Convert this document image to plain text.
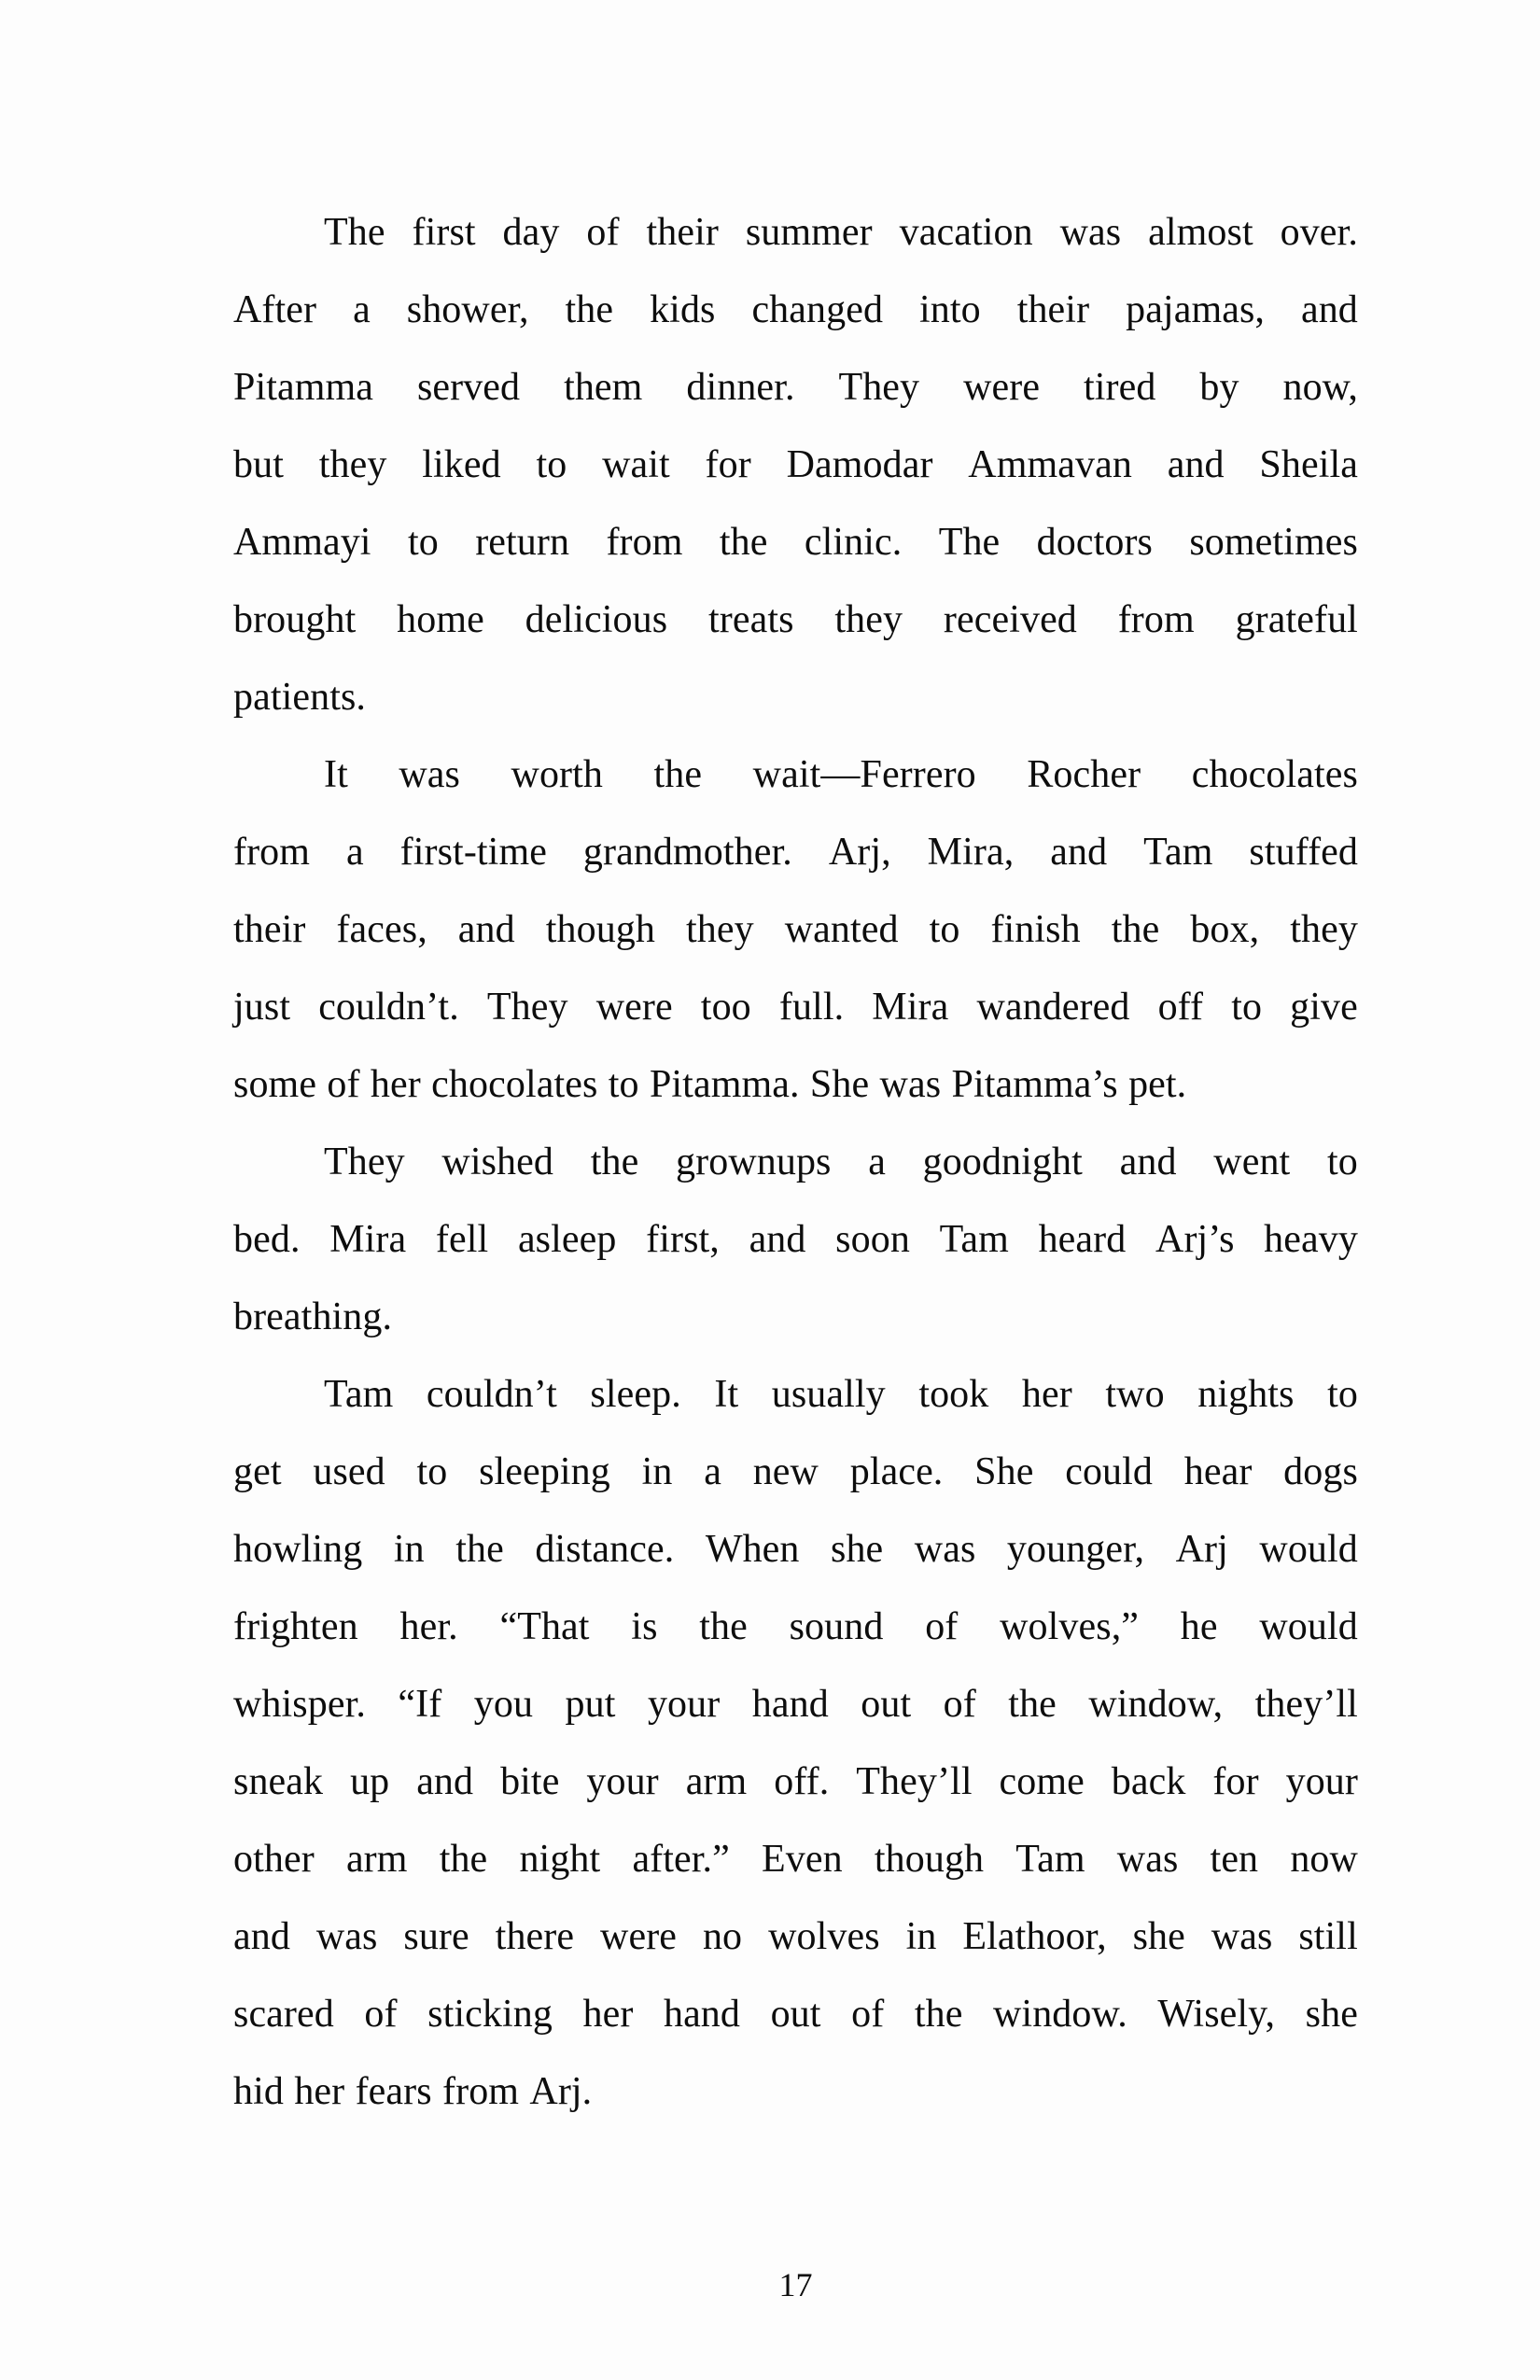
The first day of their summer vacation was almost over.
After a shower, the kids changed into their pajamas, and
Pitamma served them dinner. They were tired by now,
but they liked to wait for Damodar Ammavan and Sheila
Ammayi to return from the clinic. The doctors sometimes
brought home delicious treats they received from grateful
patients.
It was worth the wait—Ferrero Rocher chocolates
from a first-time grandmother. Arj, Mira, and Tam stuffed
their faces, and though they wanted to finish the box, they
just couldn’t. They were too full. Mira wandered off to give
some of her chocolates to Pitamma. She was Pitamma’s pet.
They wished the grownups a goodnight and went to
bed. Mira fell asleep first, and soon Tam heard Arj’s heavy
breathing.
Tam couldn’t sleep. It usually took her two nights to
get used to sleeping in a new place. She could hear dogs
howling in the distance. When she was younger, Arj would
frighten her. “That is the sound of wolves,” he would
whisper. “If you put your hand out of the window, they’ll
sneak up and bite your arm off. They’ll come back for your
other arm the night after.” Even though Tam was ten now
and was sure there were no wolves in Elathoor, she was still
scared of sticking her hand out of the window. Wisely, she
hid her fears from Arj.
17
